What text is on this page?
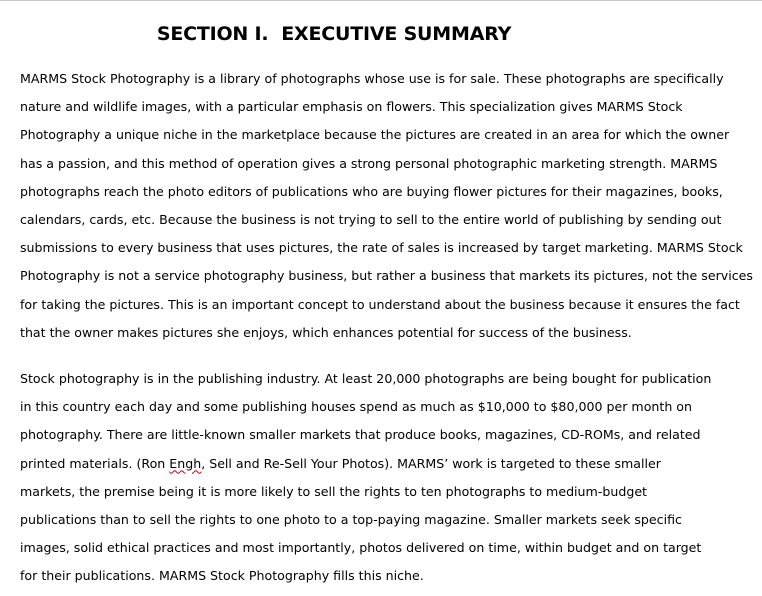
SECTION I.  EXECUTIVE SUMMARY

MARMS Stock Photography is a library of photographs whose use is for sale. These photographs are specifically
nature and wildlife images, with a particular emphasis on flowers. This specialization gives MARMS Stock
Photography a unique niche in the marketplace because the pictures are created in an area for which the owner
has a passion, and this method of operation gives a strong personal photographic marketing strength. MARMS
photographs reach the photo editors of publications who are buying flower pictures for their magazines, books,
calendars, cards, etc. Because the business is not trying to sell to the entire world of publishing by sending out
submissions to every business that uses pictures, the rate of sales is increased by target marketing. MARMS Stock
Photography is not a service photography business, but rather a business that markets its pictures, not the services
for taking the pictures. This is an important concept to understand about the business because it ensures the fact
that the owner makes pictures she enjoys, which enhances potential for success of the business.

Stock photography is in the publishing industry. At least 20,000 photographs are being bought for publication
in this country each day and some publishing houses spend as much as $10,000 to $80,000 per month on
photography. There are little-known smaller markets that produce books, magazines, CD-ROMs, and related
printed materials. (Ron Engh, Sell and Re-Sell Your Photos). MARMS’ work is targeted to these smaller
markets, the premise being it is more likely to sell the rights to ten photographs to medium-budget
publications than to sell the rights to one photo to a top-paying magazine. Smaller markets seek specific
images, solid ethical practices and most importantly, photos delivered on time, within budget and on target
for their publications. MARMS Stock Photography fills this niche.
